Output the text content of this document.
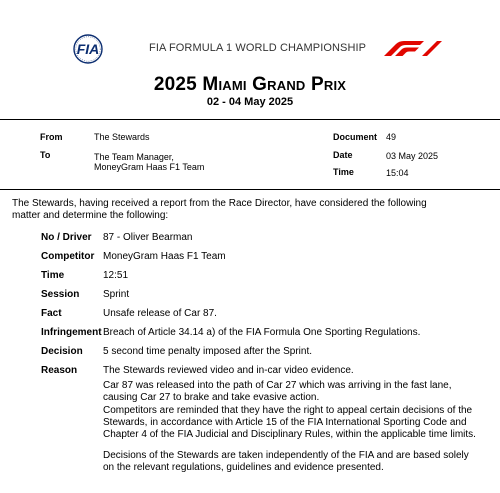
FIA	FIA FORMULA 1 WORLD CHAMPIONSHIP
2025 Miami Grand Prix
02 - 04 May 2025
From	The Stewards
To	The Team Manager,
MoneyGram Haas F1 Team
Document 49
Date	03 May 2025
Time	15:04
The Stewards, having received a report from the Race Director, have considered the following
matter and determine the following:
No / Driver 87 - Oliver Bearman
Competitor MoneyGram Haas F1 Team
Time	12:51
Session Sprint
Fact	Unsafe release of Car 87.
Infringement Breach of Article 34.14 a) of the FIA Formula One Sporting Regulations.
Decision 5 second time penalty imposed after the Sprint.
Reason	The Stewards reviewed video and in-car video evidence.
Car 87 was released into the path of Car 27 which was arriving in the fast lane,
causing Car 27 to brake and take evasive action.
Competitors are reminded that they have the right to appeal certain decisions of the
Stewards, in accordance with Article 15 of the FIA International Sporting Code and
Chapter 4 of the FIA Judicial and Disciplinary Rules, within the applicable time limits.
Decisions of the Stewards are taken independently of the FIA and are based solely
on the relevant regulations, guidelines and evidence presented.
